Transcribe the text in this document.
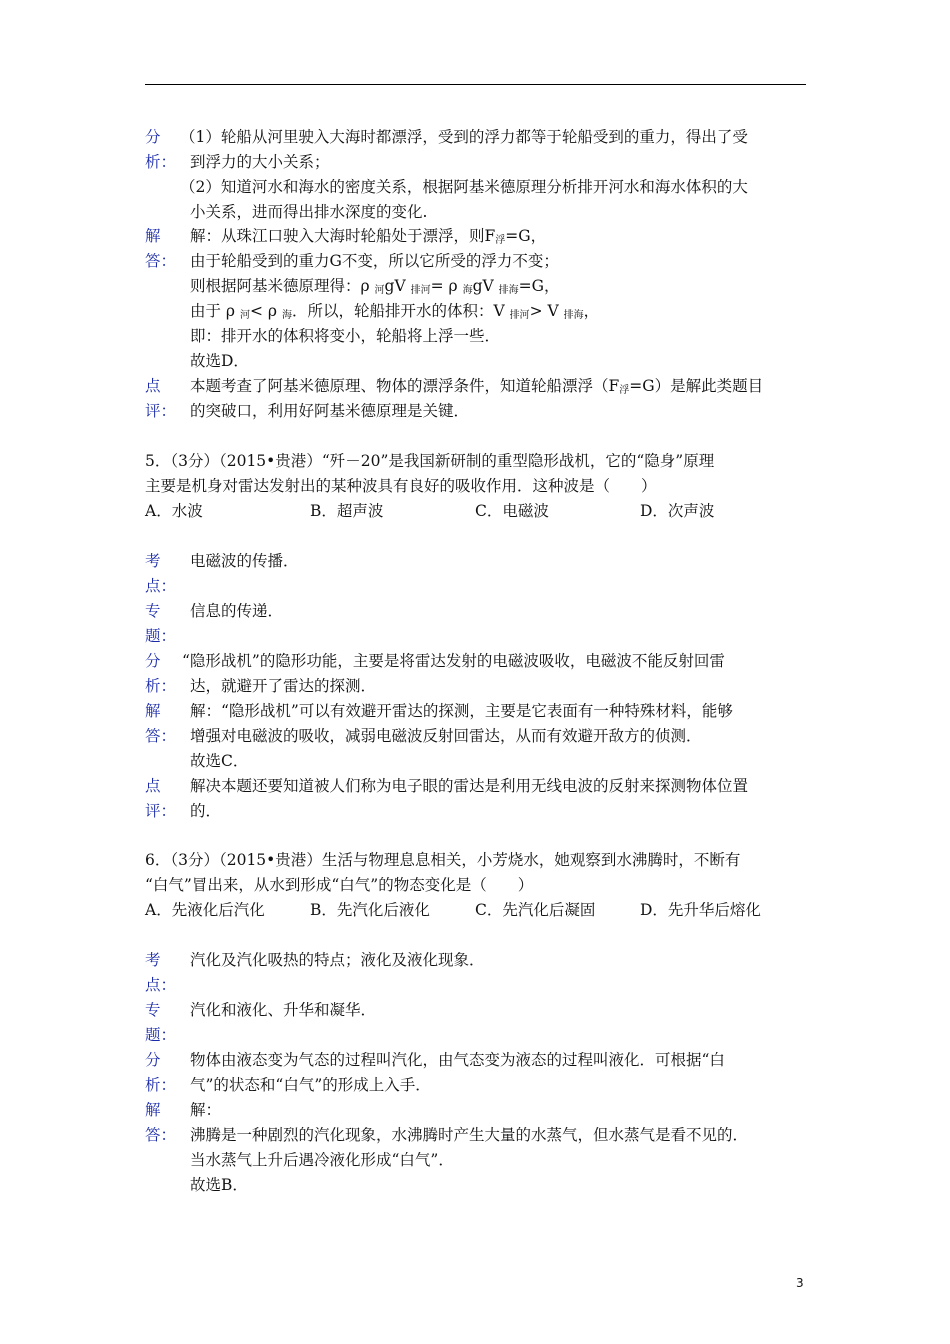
分
析：
（1）轮船从河里驶入大海时都漂浮，受到的浮力都等于轮船受到的重力，得出了受
到浮力的大小关系；
（2）知道河水和海水的密度关系，根据阿基米德原理分析排开河水和海水体积的大
小关系，进而得出排水深度的变化.
解
答：
解：从珠江口驶入大海时轮船处于漂浮，则$F_浮=G$，
由于轮船受到的重力G不变，所以它所受的浮力不变；
则根据阿基米德原理得：ρ $_河$gV $_{排河}$= ρ $_海$gV $_{排海}$=G，
由于 ρ $_河$< ρ $_海$．所以，轮船排开水的体积：V $_{排河}$> V $_{排海}$，
即：排开水的体积将变小，轮船将上浮一些．
故选D．
点
评：
本题考查了阿基米德原理、物体的漂浮条件，知道轮船漂浮$(F_浮=G)$是解此类题目
的突破口，利用好阿基米德原理是关键．
5．（3分）（2015•贵港）“歼－20”是我国新研制的重型隐形战机，它的“隐身”原理
主要是机身对雷达发射出的某种波具有良好的吸收作用．这种波是（　　）
A．水波	B．超声波	C．电磁波	D．次声波
考
点：
电磁波的传播．
专
题：
信息的传递．
分
析：
“隐形战机”的隐形功能，主要是将雷达发射的电磁波吸收，电磁波不能反射回雷
达，就避开了雷达的探测．
解
答：
解：“隐形战机”可以有效避开雷达的探测，主要是它表面有一种特殊材料，能够
增强对电磁波的吸收，减弱电磁波反射回雷达，从而有效避开敌方的侦测．
故选C．
点
评：
解决本题还要知道被人们称为电子眼的雷达是利用无线电波的反射来探测物体位置
的．
6．（3分）（2015•贵港）生活与物理息息相关，小芳烧水，她观察到水沸腾时，不断有
“白气”冒出来，从水到形成“白气”的物态变化是（　　）
A．先液化后汽化	B．先汽化后液化	C．先汽化后凝固	D．先升华后熔化
考
点：
汽化及汽化吸热的特点；液化及液化现象．
专
题：
汽化和液化、升华和凝华．
分
析：
物体由液态变为气态的过程叫汽化，由气态变为液态的过程叫液化．可根据“白
气”的状态和“白气”的形成上入手．
解
答：
解：
沸腾是一种剧烈的汽化现象，水沸腾时产生大量的水蒸气，但水蒸气是看不见的．
当水蒸气上升后遇冷液化形成“白气”．
故选B．
3
